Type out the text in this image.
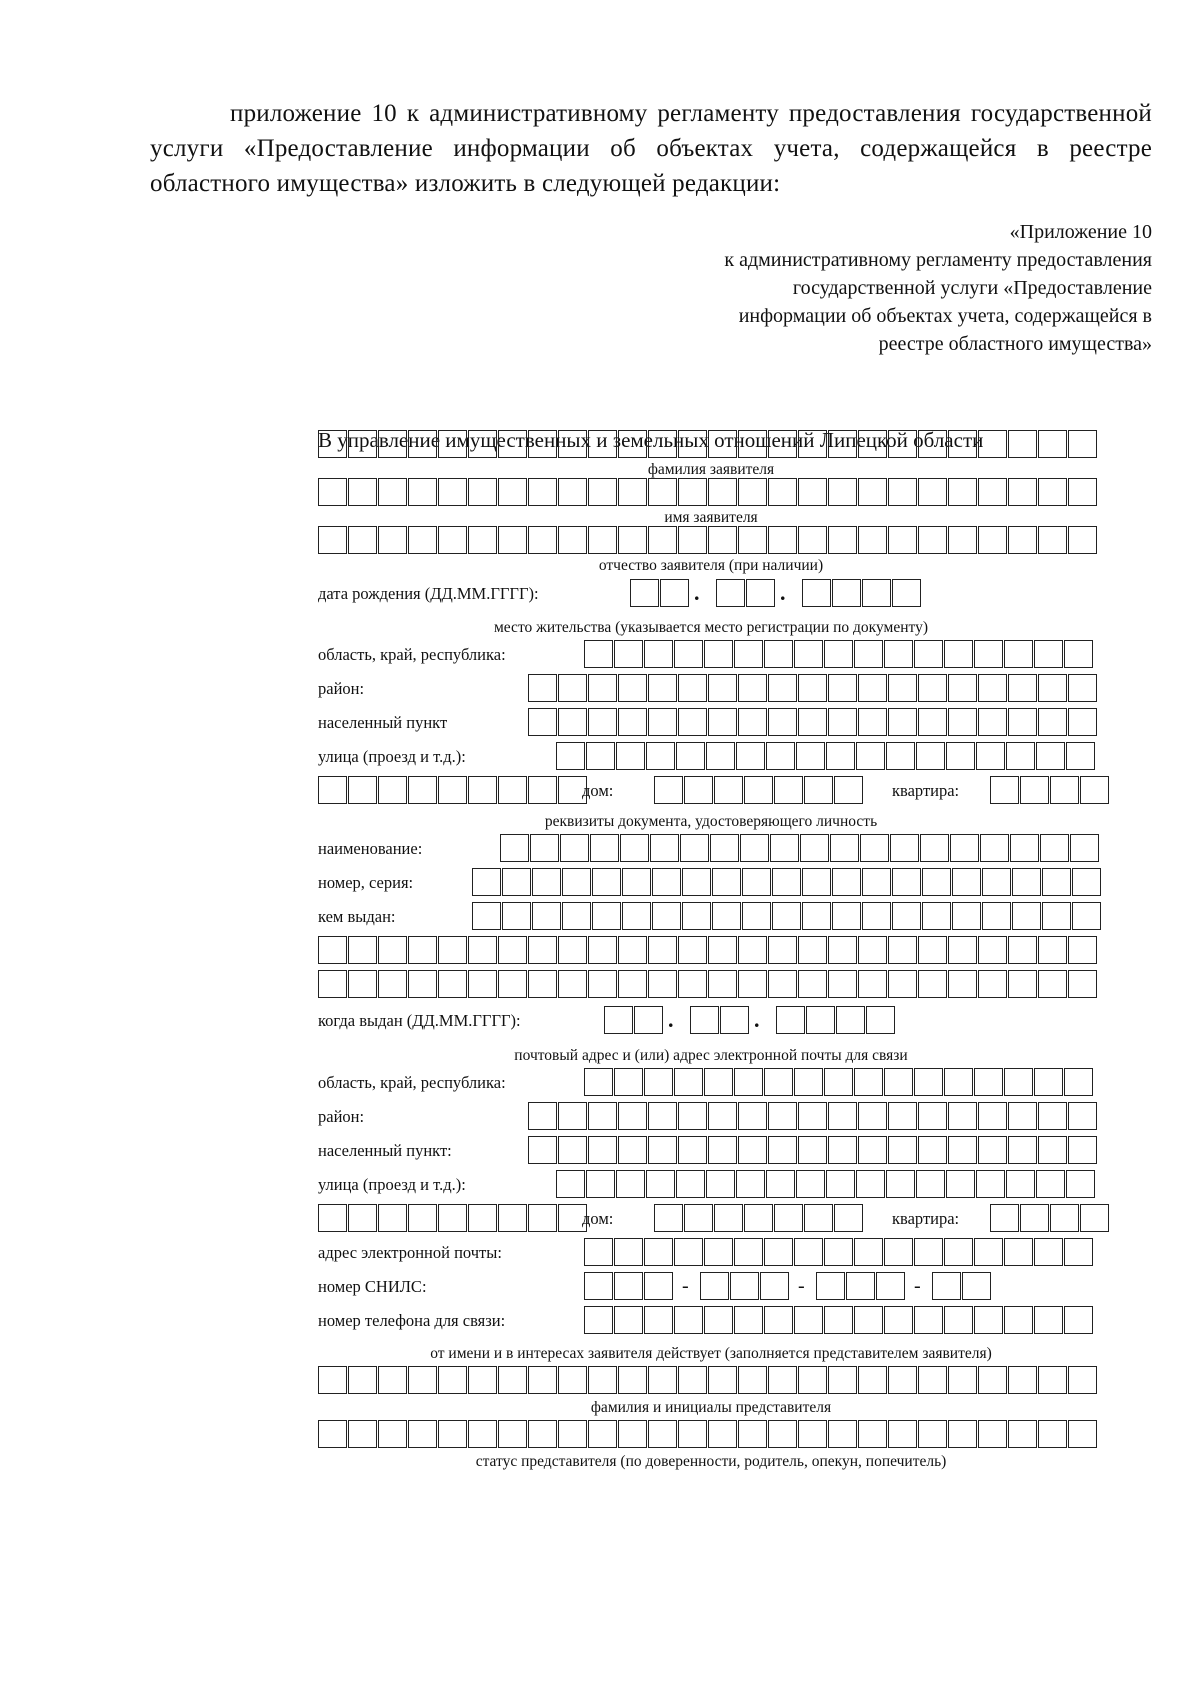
приложение 10 к административному регламенту предоставления государственной услуги «Предоставление информации об объектах учета, содержащейся в реестре областного имущества» изложить в следующей редакции:
«Приложение 10
к административному регламенту предоставления
государственной услуги «Предоставление
информации об объектах учета, содержащейся в
реестре областного имущества»
В управление имущественных и земельных отношений Липецкой области
фамилия заявителя
имя заявителя
отчество заявителя (при наличии)
дата рождения (ДД.ММ.ГГГГ):	.	.
место жительства (указывается место регистрации по документу)
область, край, республика:
район:
населенный пункт
улица (проезд и т.д.):
дом:	квартира:
реквизиты документа, удостоверяющего личность
наименование:
номер, серия:
кем выдан:
когда выдан (ДД.ММ.ГГГГ):	.	.
почтовый адрес и (или) адрес электронной почты для связи
область, край, республика:
район:
населенный пункт:
улица (проезд и т.д.):
дом:	квартира:
адрес электронной почты:
номер СНИЛС:	-	-	-
номер телефона для связи:
от имени и в интересах заявителя действует (заполняется представителем заявителя)
фамилия и инициалы представителя
статус представителя (по доверенности, родитель, опекун, попечитель)
